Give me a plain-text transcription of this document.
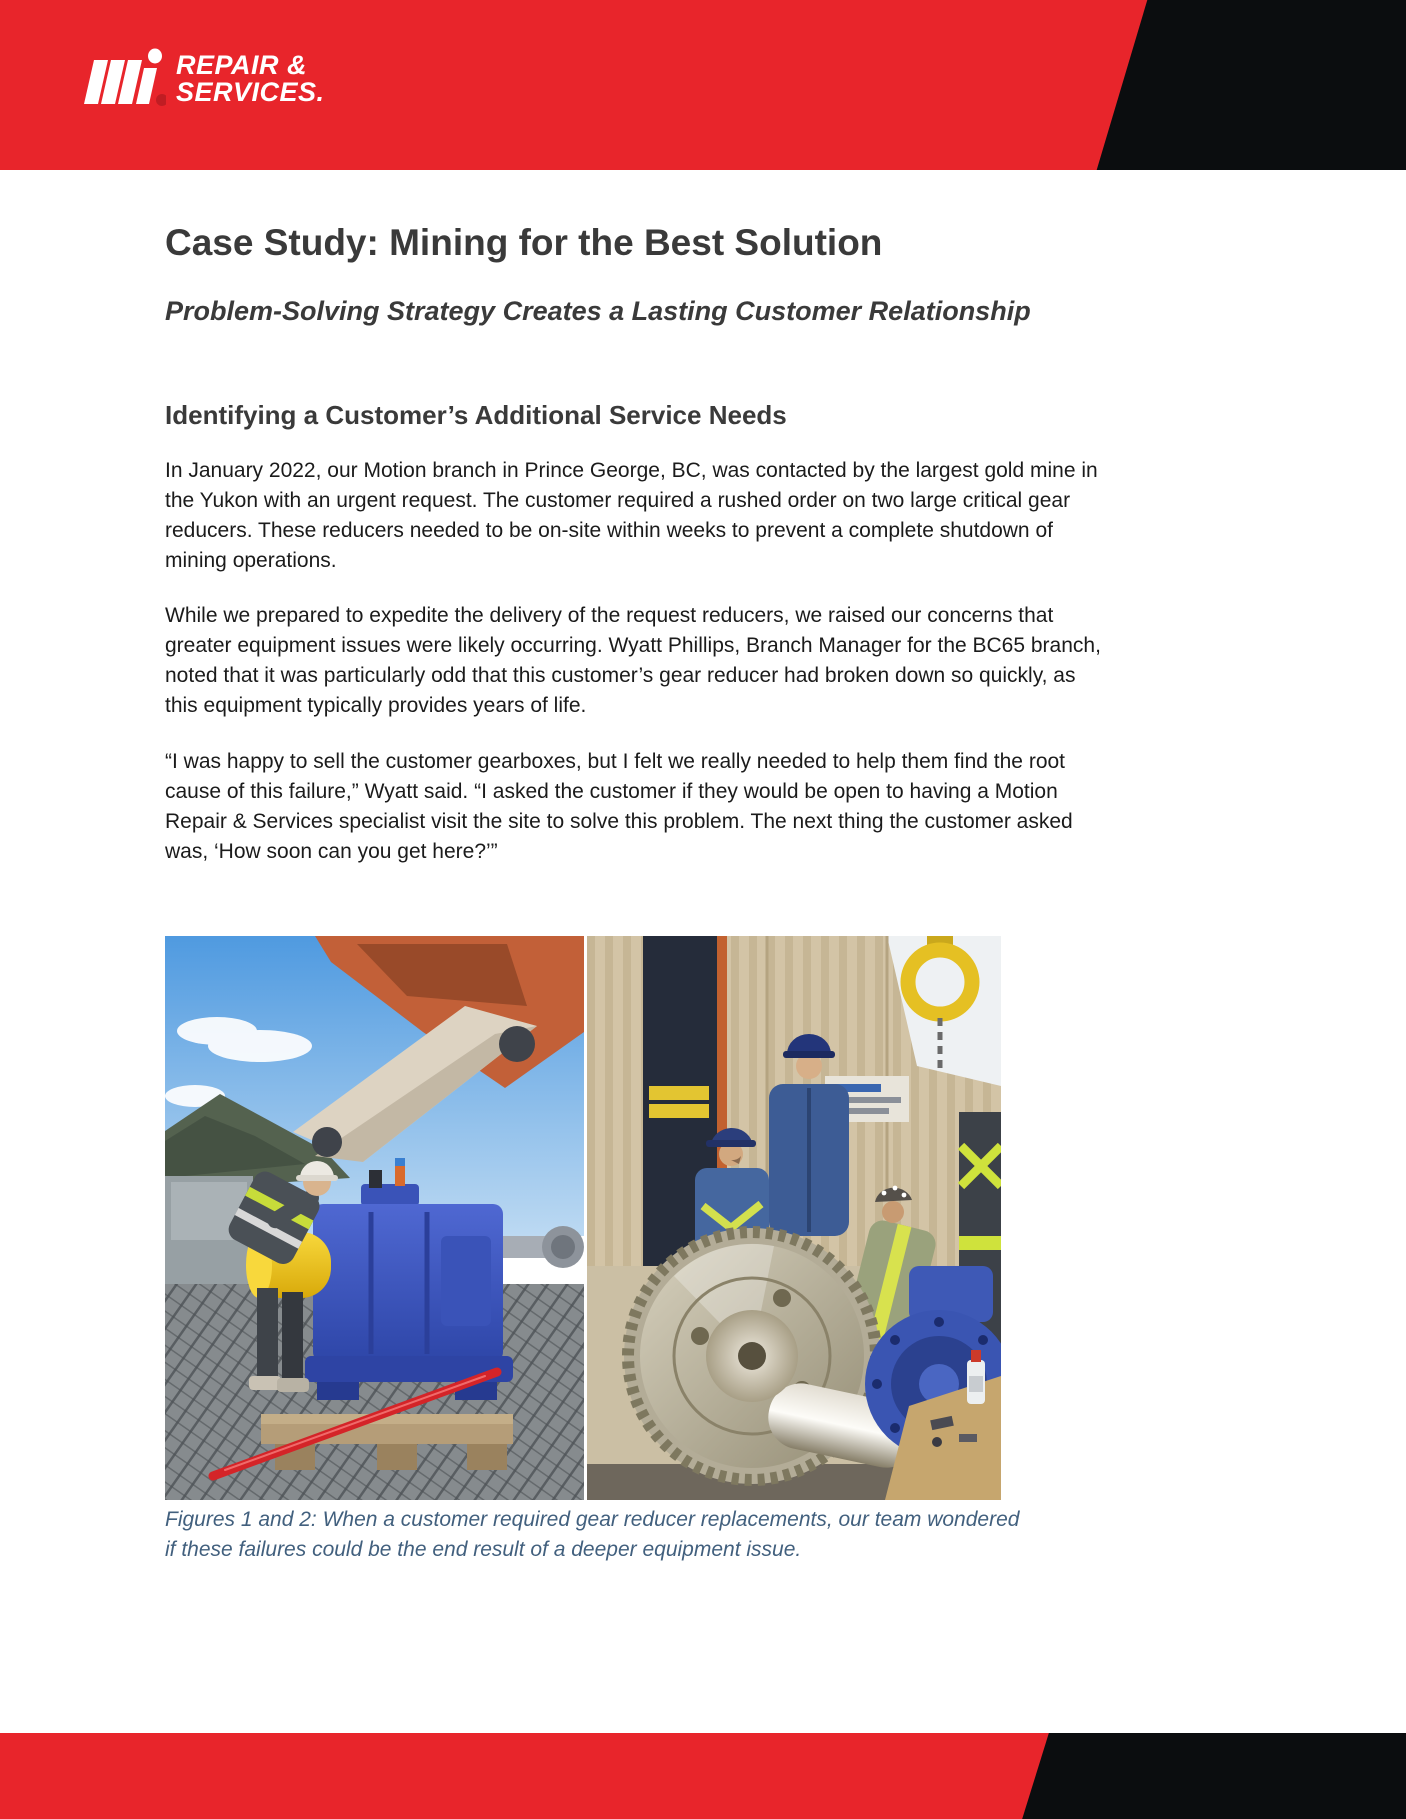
REPAIR &
SERVICES.
Case Study: Mining for the Best Solution
Problem-Solving Strategy Creates a Lasting Customer Relationship
Identifying a Customer’s Additional Service Needs

In January 2022, our Motion branch in Prince George, BC, was contacted by the largest gold mine in the Yukon with an urgent request. The customer required a rushed order on two large critical gear reducers. These reducers needed to be on-site within weeks to prevent a complete shutdown of mining operations.

While we prepared to expedite the delivery of the request reducers, we raised our concerns that greater equipment issues were likely occurring. Wyatt Phillips, Branch Manager for the BC65 branch, noted that it was particularly odd that this customer’s gear reducer had broken down so quickly, as this equipment typically provides years of life.

“I was happy to sell the customer gearboxes, but I felt we really needed to help them find the root cause of this failure,” Wyatt said. “I asked the customer if they would be open to having a Motion Repair & Services specialist visit the site to solve this problem. The next thing the customer asked was, ‘How soon can you get here?’”

Figures 1 and 2: When a customer required gear reducer replacements, our team wondered if these failures could be the end result of a deeper equipment issue.
